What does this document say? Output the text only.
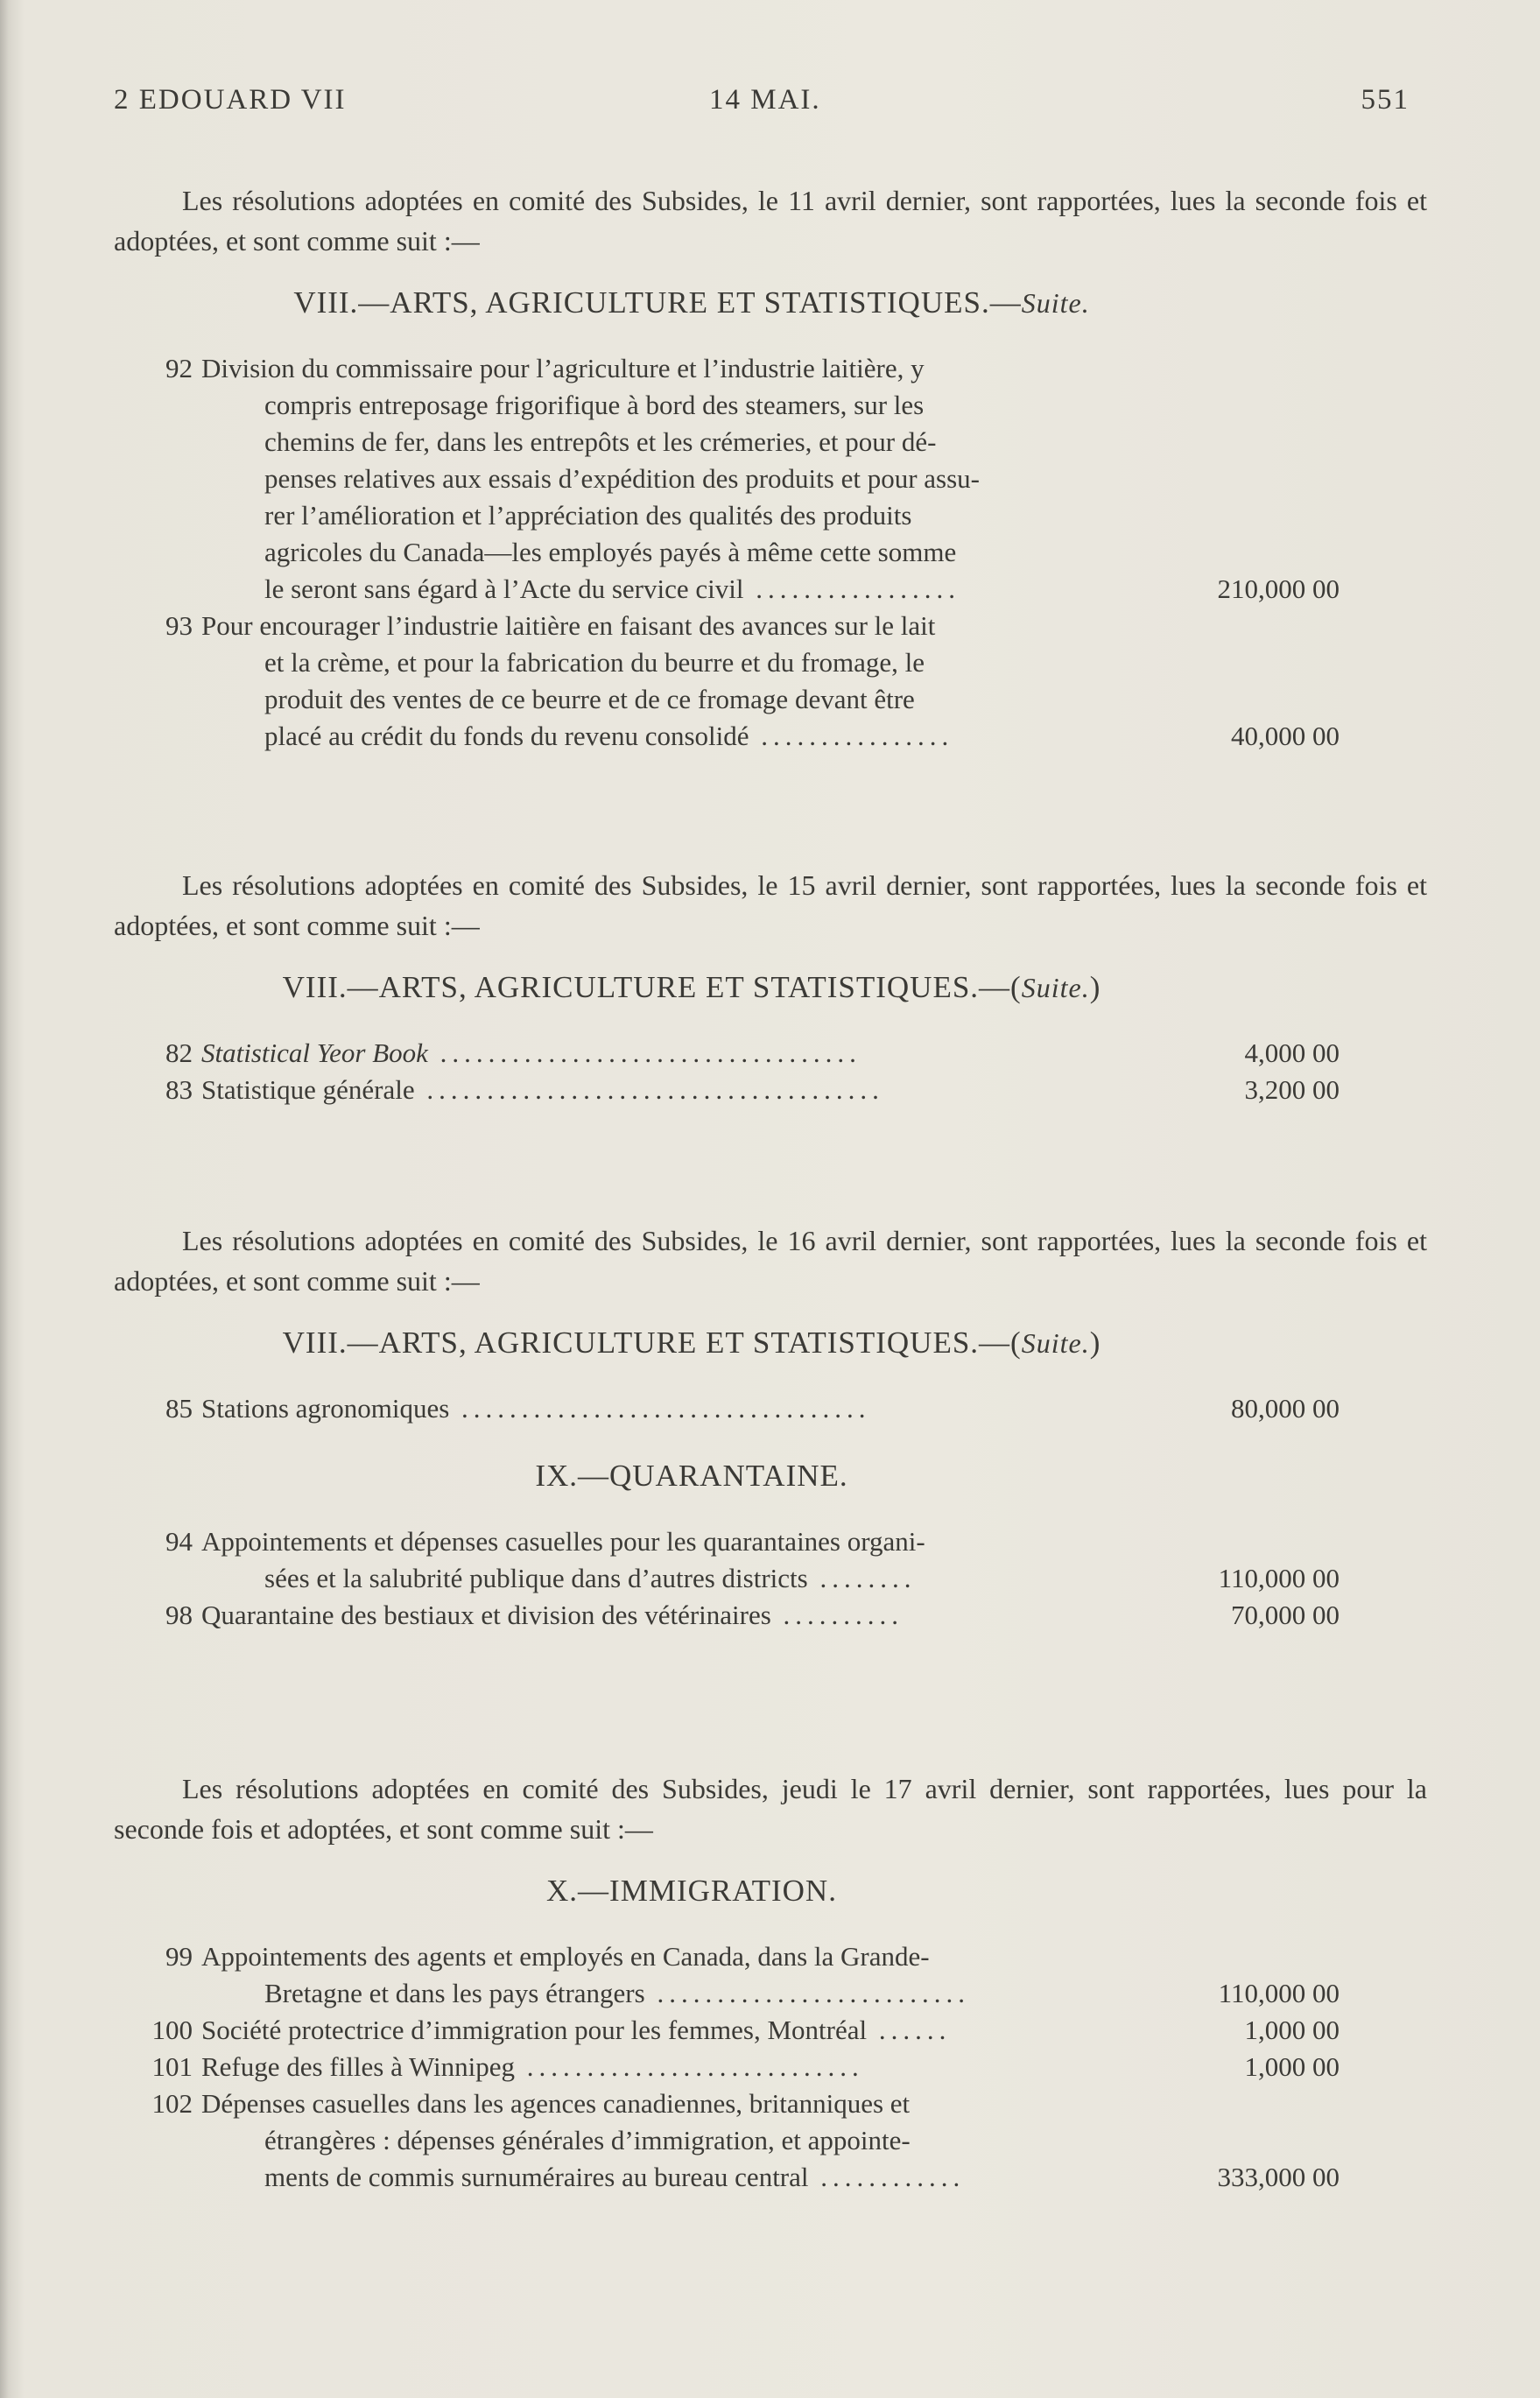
2 EDOUARD VII	14 MAI.	551

Les résolutions adoptées en comité des Subsides, le 11 avril dernier, sont rapportées, lues la seconde fois et adoptées, et sont comme suit :—

VIII.—ARTS, AGRICULTURE ET STATISTIQUES.—Suite.
92 Division du commissaire pour l’agriculture et l’industrie laitière, y
compris entreposage frigorifique à bord des steamers, sur les
chemins de fer, dans les entrepôts et les crémeries, et pour dé-
penses relatives aux essais d’expédition des produits et pour assu-
rer l’amélioration et l’appréciation des qualités des produits
agricoles du Canada—les employés payés à même cette somme
le seront sans égard à l’Acte du service civil .................	210,000 00
93 Pour encourager l’industrie laitière en faisant des avances sur le lait
et la crème, et pour la fabrication du beurre et du fromage, le
produit des ventes de ce beurre et de ce fromage devant être
placé au crédit du fonds du revenu consolidé ................	40,000 00

Les résolutions adoptées en comité des Subsides, le 15 avril dernier, sont rapportées, lues la seconde fois et adoptées, et sont comme suit :—

VIII.—ARTS, AGRICULTURE ET STATISTIQUES.—(Suite.)
82 Statistical Yeor Book ...................................	4,000 00
83 Statistique générale ......................................	3,200 00

Les résolutions adoptées en comité des Subsides, le 16 avril dernier, sont rapportées, lues la seconde fois et adoptées, et sont comme suit :—

VIII.—ARTS, AGRICULTURE ET STATISTIQUES.—(Suite.)
85 Stations agronomiques ..................................	80,000 00
IX.—QUARANTAINE.
94 Appointements et dépenses casuelles pour les quarantaines organi-
sées et la salubrité publique dans d’autres districts ........	110,000 00
98 Quarantaine des bestiaux et division des vétérinaires ..........	70,000 00

Les résolutions adoptées en comité des Subsides, jeudi le 17 avril dernier, sont rapportées, lues pour la seconde fois et adoptées, et sont comme suit :—

X.—IMMIGRATION.
99 Appointements des agents et employés en Canada, dans la Grande-
Bretagne et dans les pays étrangers ..........................	110,000 00
100 Société protectrice d’immigration pour les femmes, Montréal ......	1,000 00
101 Refuge des filles à Winnipeg ............................	1,000 00
102 Dépenses casuelles dans les agences canadiennes, britanniques et
étrangères : dépenses générales d’immigration, et appointe-
ments de commis surnuméraires au bureau central ............	333,000 00
